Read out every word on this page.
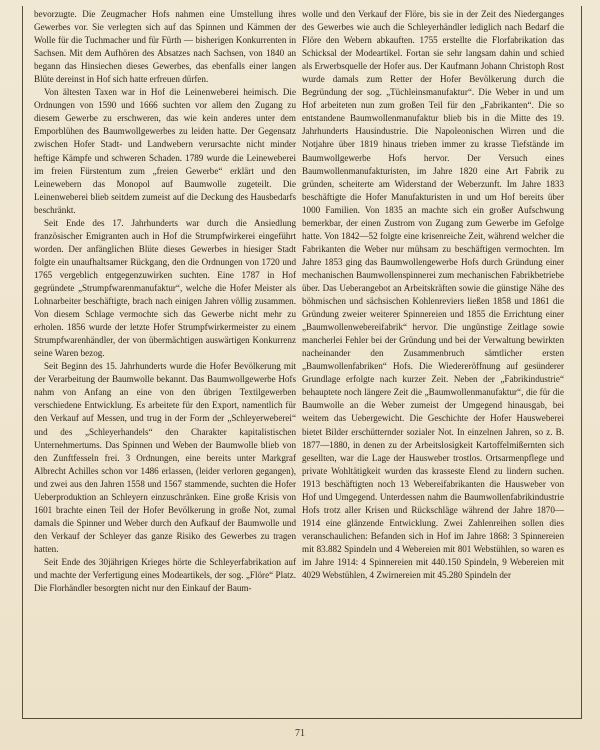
bevorzugte. Die Zeugmacher Hofs nahmen eine Umstellung ihres Gewerbes vor. Sie verlegten sich auf das Spinnen und Kämmen der Wolle für die Tuchmacher und für Fürth — bisherigen Konkurrenten in Sachsen. Mit dem Aufhören des Absatzes nach Sachsen, von 1840 an begann das Hinsiechen dieses Gewerbes, das ebenfalls einer langen Blüte dereinst in Hof sich hatte erfreuen dürfen.

Von ältesten Taxen war in Hof die Leinenweberei heimisch. Die Ordnungen von 1590 und 1666 suchten vor allem den Zugang zu diesem Gewerbe zu erschweren, das wie kein anderes unter dem Emporblühen des Baumwollgewerbes zu leiden hatte. Der Gegensatz zwischen Hofer Stadt- und Landwebern verursachte nicht minder heftige Kämpfe und schweren Schaden. 1789 wurde die Leineweberei im freien Fürstentum zum „freien Gewerbe“ erklärt und den Leinewebern das Monopol auf Baumwolle zugeteilt. Die Leinenweberei blieb seitdem zumeist auf die Deckung des Hausbedarfs beschränkt.

Seit Ende des 17. Jahrhunderts war durch die Ansiedlung französischer Emigranten auch in Hof die Strumpfwirkerei eingeführt worden. Der anfänglichen Blüte dieses Gewerbes in hiesiger Stadt folgte ein unaufhaltsamer Rückgang, den die Ordnungen von 1720 und 1765 vergeblich entgegenzuwirken suchten. Eine 1787 in Hof gegründete „Strumpfwarenmanufaktur“, welche die Hofer Meister als Lohnarbeiter beschäftigte, brach nach einigen Jahren völlig zusammen. Von diesem Schlage vermochte sich das Gewerbe nicht mehr zu erholen. 1856 wurde der letzte Hofer Strumpfwirkermeister zu einem Strumpfwarenhändler, der von übermächtigen auswärtigen Konkurrenz seine Waren bezog.

Seit Beginn des 15. Jahrhunderts wurde die Hofer Bevölkerung mit der Verarbeitung der Baumwolle bekannt. Das Baumwollgewerbe Hofs nahm von Anfang an eine von den übrigen Textilgewerben verschiedene Entwicklung. Es arbeitete für den Export, namentlich für den Verkauf auf Messen, und trug in der Form der „Schleyerweberei“ und des „Schleyerhandels“ den Charakter kapitalistischen Unternehmertums. Das Spinnen und Weben der Baumwolle blieb von den Zunftfesseln frei. 3 Ordnungen, eine bereits unter Markgraf Albrecht Achilles schon vor 1486 erlassen, (leider verloren gegangen), und zwei aus den Jahren 1558 und 1567 stammende, suchten die Hofer Ueberproduktion an Schleyern einzuschränken. Eine große Krisis von 1601 brachte einen Teil der Hofer Bevölkerung in große Not, zumal damals die Spinner und Weber durch den Aufkauf der Baumwolle und den Verkauf der Schleyer das ganze Risiko des Gewerbes zu tragen hatten.

Seit Ende des 30jährigen Krieges hörte die Schleyerfabrikation auf und machte der Verfertigung eines Modeartikels, der sog. „Flöre“ Platz. Die Florhändler besorgten nicht nur den Einkauf der Baum-

wolle und den Verkauf der Flöre, bis sie in der Zeit des Niederganges des Gewerbes wie auch die Schleyerhändler lediglich nach Bedarf die Flöre den Webern abkauften. 1755 erstellte die Florfabrikation das Schicksal der Modeartikel. Fortan sie sehr langsam dahin und schied als Erwerbsquelle der Hofer aus. Der Kaufmann Johann Christoph Rost wurde damals zum Retter der Hofer Bevölkerung durch die Begründung der sog. „Tüchleinsmanufaktur“. Die Weber in und um Hof arbeiteten nun zum großen Teil für den „Fabrikanten“. Die so entstandene Baumwollenmanufaktur blieb bis in die Mitte des 19. Jahrhunderts Hausindustrie. Die Napoleonischen Wirren und die Notjahre über 1819 hinaus trieben immer zu krasse Tiefstände im Baumwollgewerbe Hofs hervor. Der Versuch eines Baumwollenmanufakturisten, im Jahre 1820 eine Art Fabrik zu gründen, scheiterte am Widerstand der Weberzunft. Im Jahre 1833 beschäftigte die Hofer Manufakturisten in und um Hof bereits über 1000 Familien. Von 1835 an machte sich ein großer Aufschwung bemerkbar, der einen Zustrom von Zugang zum Gewerbe im Gefolge hatte. Von 1842—52 folgte eine krisenreiche Zeit, während welcher die Fabrikanten die Weber nur mühsam zu beschäftigen vermochten. Im Jahre 1853 ging das Baumwollengewerbe Hofs durch Gründung einer mechanischen Baumwollenspinnerei zum mechanischen Fabrikbetriebe über. Das Ueberangebot an Arbeitskräften sowie die günstige Nähe des böhmischen und sächsischen Kohlenreviers ließen 1858 und 1861 die Gründung zweier weiterer Spinnereien und 1855 die Errichtung einer „Baumwollenwebereifabrik“ hervor. Die ungünstige Zeitlage sowie mancherlei Fehler bei der Gründung und bei der Verwaltung bewirkten nacheinander den Zusammenbruch sämtlicher ersten „Baumwollenfabriken“ Hofs. Die Wiedereröffnung auf gesünderer Grundlage erfolgte nach kurzer Zeit. Neben der „Fabrikindustrie“ behauptete noch längere Zeit die „Baumwollenmanufaktur“, die für die Baumwolle an die Weber zumeist der Umgegend hinausgab, bei weitem das Uebergewicht. Die Geschichte der Hofer Hausweberei bietet Bilder erschütternder sozialer Not. In einzelnen Jahren, so z. B. 1877—1880, in denen zu der Arbeitslosigkeit Kartoffelmißernten sich gesellten, war die Lage der Hausweber trostlos. Ortsarmenpflege und private Wohltätigkeit wurden das krasseste Elend zu lindern suchen. 1913 beschäftigten noch 13 Webereifabrikanten die Hausweber von Hof und Umgegend. Unterdessen nahm die Baumwollenfabrikindustrie Hofs trotz aller Krisen und Rückschläge während der Jahre 1870—1914 eine glänzende Entwicklung. Zwei Zahlenreihen sollen dies veranschaulichen: Befanden sich in Hof im Jahre 1868: 3 Spinnereien mit 83.882 Spindeln und 4 Webereien mit 801 Webstühlen, so waren es im Jahre 1914: 4 Spinnereien mit 440.150 Spindeln, 9 Webereien mit 4029 Webstühlen, 4 Zwirnereien mit 45.280 Spindeln der

71
